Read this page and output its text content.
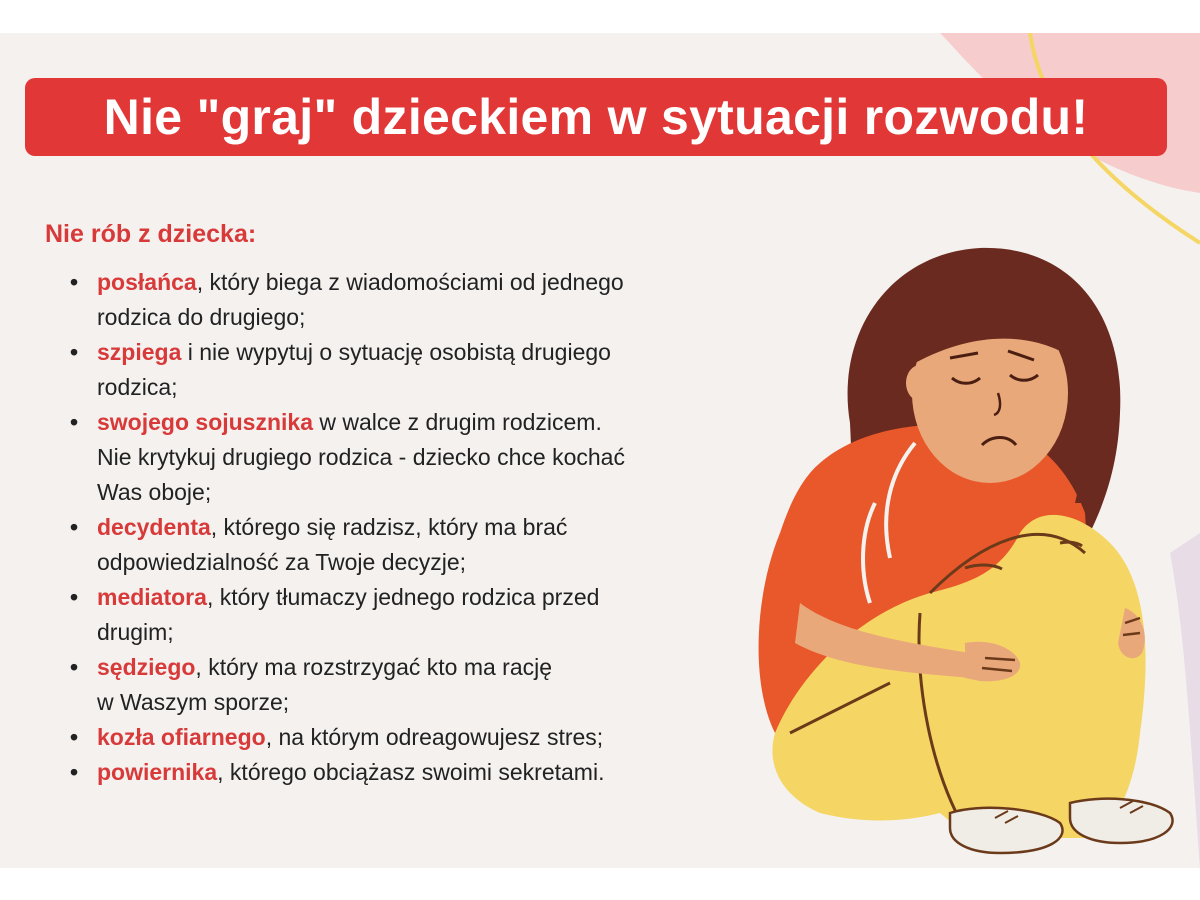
Nie "graj" dzieckiem w sytuacji rozwodu!
Nie rób z dziecka:
• posłańca, który biega z wiadomościami od jednego
rodzica do drugiego;
• szpiega i nie wypytuj o sytuację osobistą drugiego
rodzica;
• swojego sojusznika w walce z drugim rodzicem.
Nie krytykuj drugiego rodzica - dziecko chce kochać
Was oboje;
• decydenta, którego się radzisz, który ma brać
odpowiedzialność za Twoje decyzje;
• mediatora, który tłumaczy jednego rodzica przed
drugim;
• sędziego, który ma rozstrzygać kto ma rację
w Waszym sporze;
• kozła ofiarnego, na którym odreagowujesz stres;
• powiernika, którego obciążasz swoimi sekretami.
